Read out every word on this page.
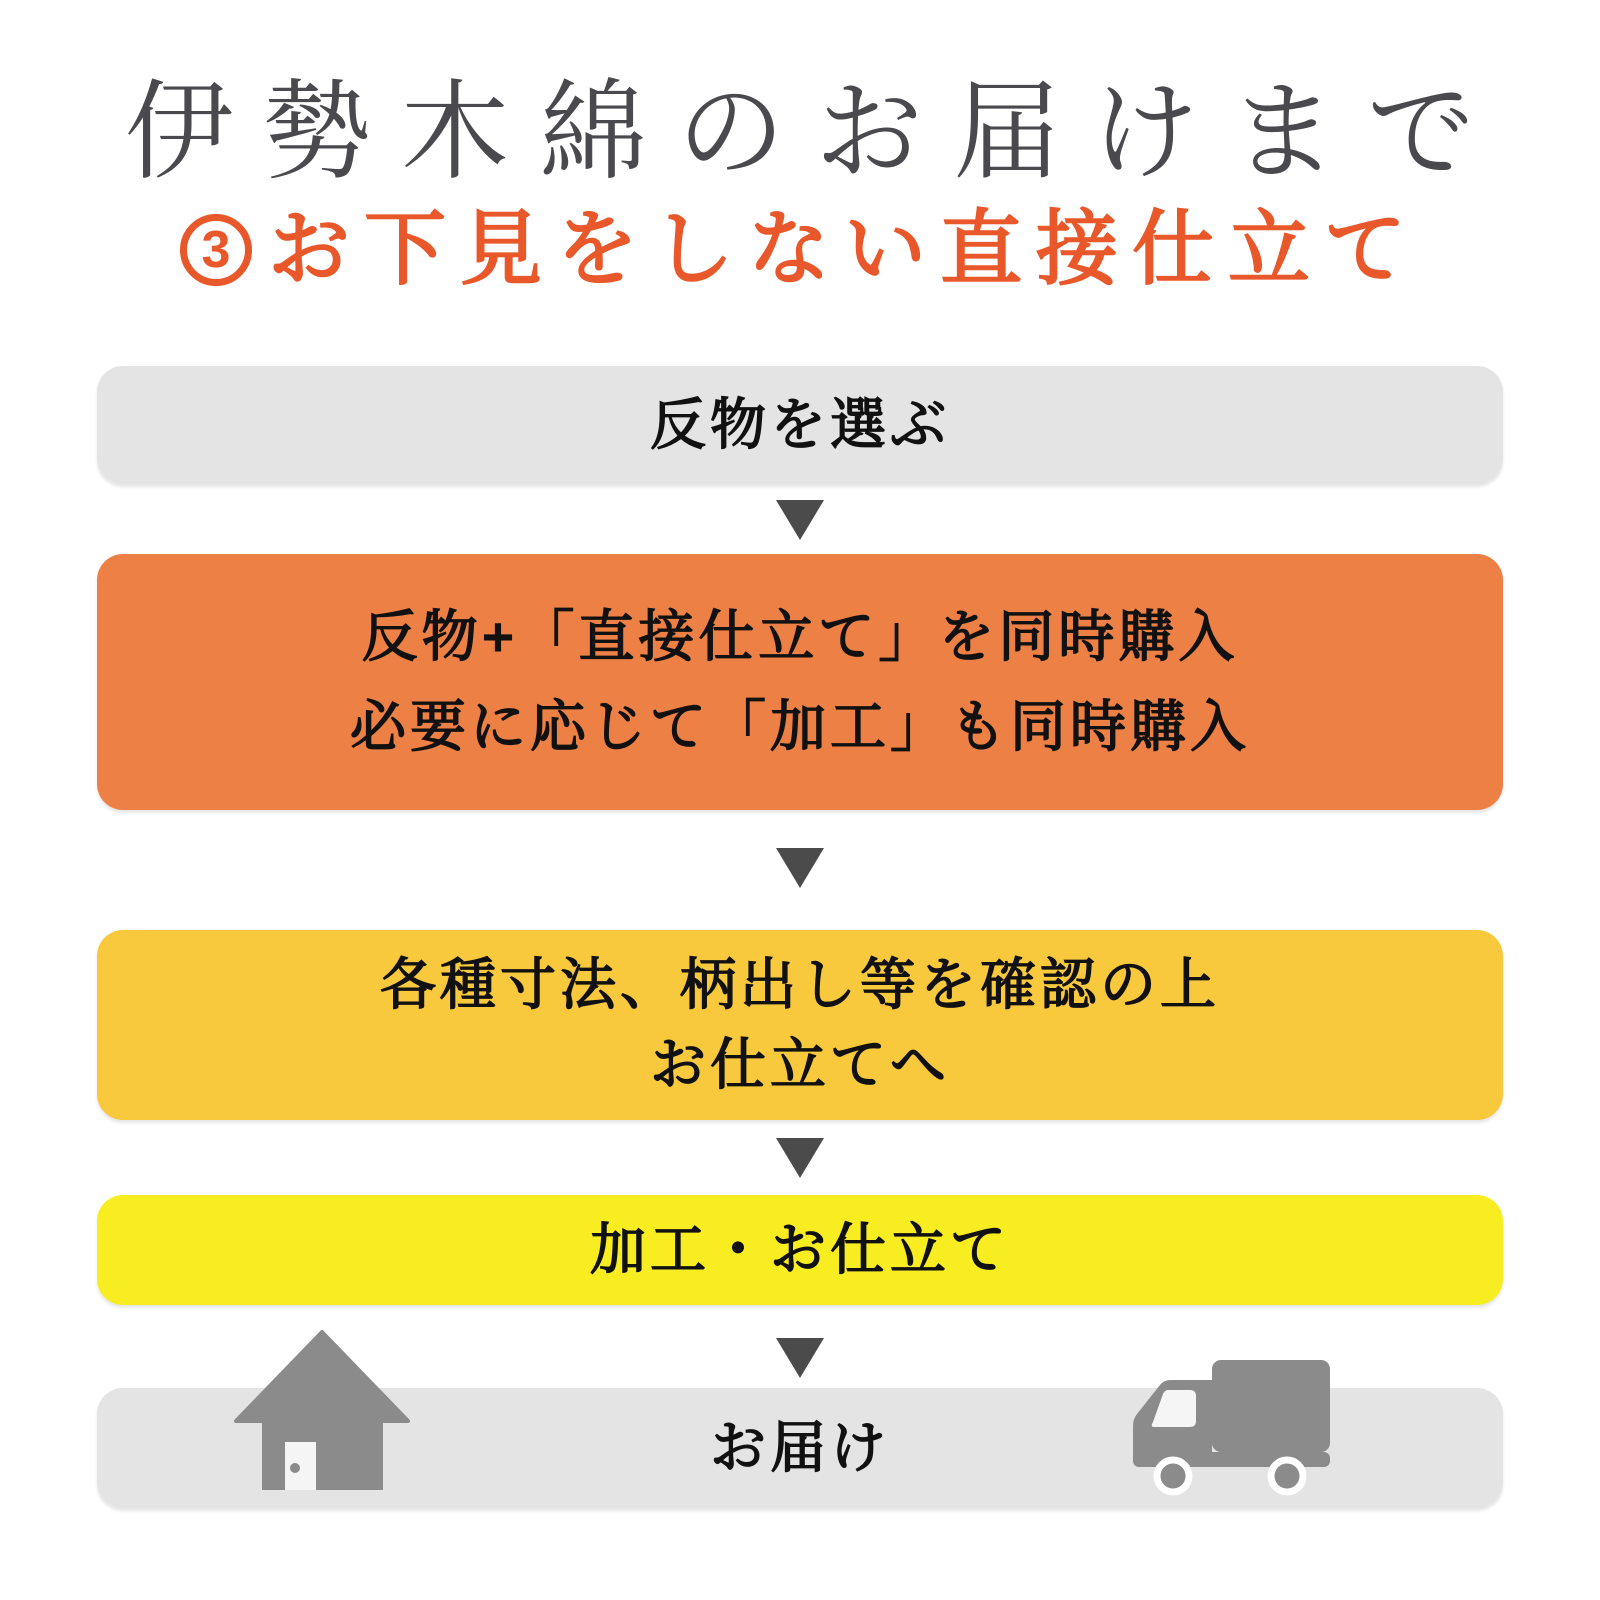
伊勢木綿のお届けまで
3 お下見をしない直接仕立て
反物を選ぶ
反物+「直接仕立て」を同時購入
必要に応じて「加工」も同時購入
各種寸法、柄出し等を確認の上
お仕立てへ
加工・お仕立て
お届け
